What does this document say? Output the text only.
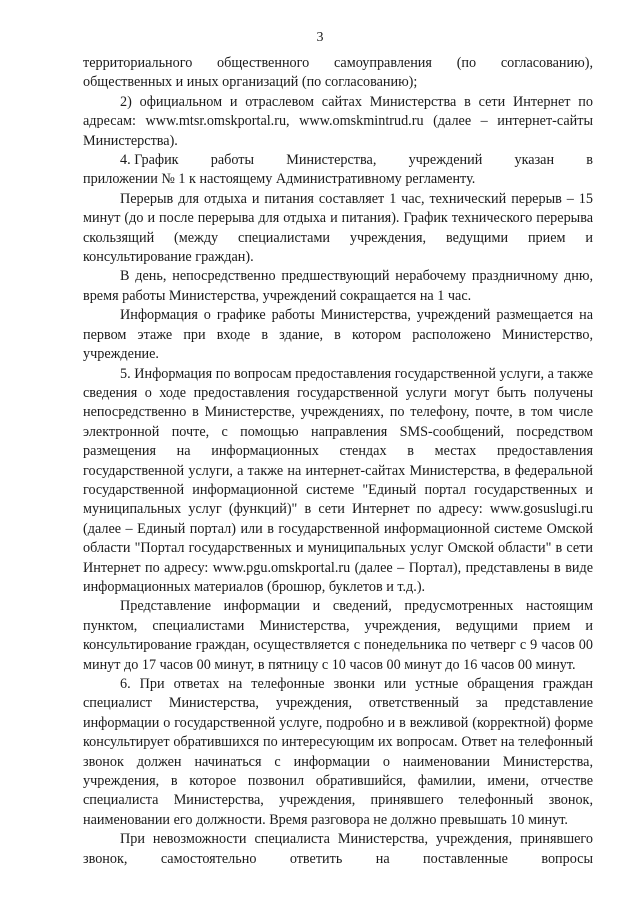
3

территориального общественного самоуправления (по согласованию), общественных и иных организаций (по согласованию);

2) официальном и отраслевом сайтах Министерства в сети Интернет по адресам: www.mtsr.omskportal.ru, www.omskmintrud.ru (далее – интернет-сайты Министерства).

4. График работы Министерства, учреждений указан в

приложении № 1 к настоящему Административному регламенту.

Перерыв для отдыха и питания составляет 1 час, технический перерыв – 15 минут (до и после перерыва для отдыха и питания). График технического перерыва скользящий (между специалистами учреждения, ведущими прием и консультирование граждан).

В день, непосредственно предшествующий нерабочему праздничному дню, время работы Министерства, учреждений сокращается на 1 час.

Информация о графике работы Министерства, учреждений размещается на первом этаже при входе в здание, в котором расположено Министерство, учреждение.

5. Информация по вопросам предоставления государственной услуги, а также сведения о ходе предоставления государственной услуги могут быть получены непосредственно в Министерстве, учреждениях, по телефону, почте, в том числе электронной почте, с помощью направления SMS-сообщений, посредством размещения на информационных стендах в местах предоставления государственной услуги, а также на интернет-сайтах Министерства, в федеральной государственной информационной системе "Единый портал государственных и муниципальных услуг (функций)" в сети Интернет по адресу: www.gosuslugi.ru (далее – Единый портал) или в государственной информационной системе Омской области "Портал государственных и муниципальных услуг Омской области" в сети Интернет по адресу: www.pgu.omskportal.ru (далее – Портал), представлены в виде информационных материалов (брошюр, буклетов и т.д.).

Представление информации и сведений, предусмотренных настоящим пунктом, специалистами Министерства, учреждения, ведущими прием и консультирование граждан, осуществляется с понедельника по четверг с 9 часов 00 минут до 17 часов 00 минут, в пятницу с 10 часов 00 минут до 16 часов 00 минут.

6. При ответах на телефонные звонки или устные обращения граждан специалист Министерства, учреждения, ответственный за представление информации о государственной услуге, подробно и в вежливой (корректной) форме консультирует обратившихся по интересующим их вопросам. Ответ на телефонный звонок должен начинаться с информации о наименовании Министерства, учреждения, в которое позвонил обратившийся, фамилии, имени, отчестве специалиста Министерства, учреждения, принявшего телефонный звонок, наименовании его должности. Время разговора не должно превышать 10 минут.

При невозможности специалиста Министерства, учреждения, принявшего звонок, самостоятельно ответить на поставленные вопросы
